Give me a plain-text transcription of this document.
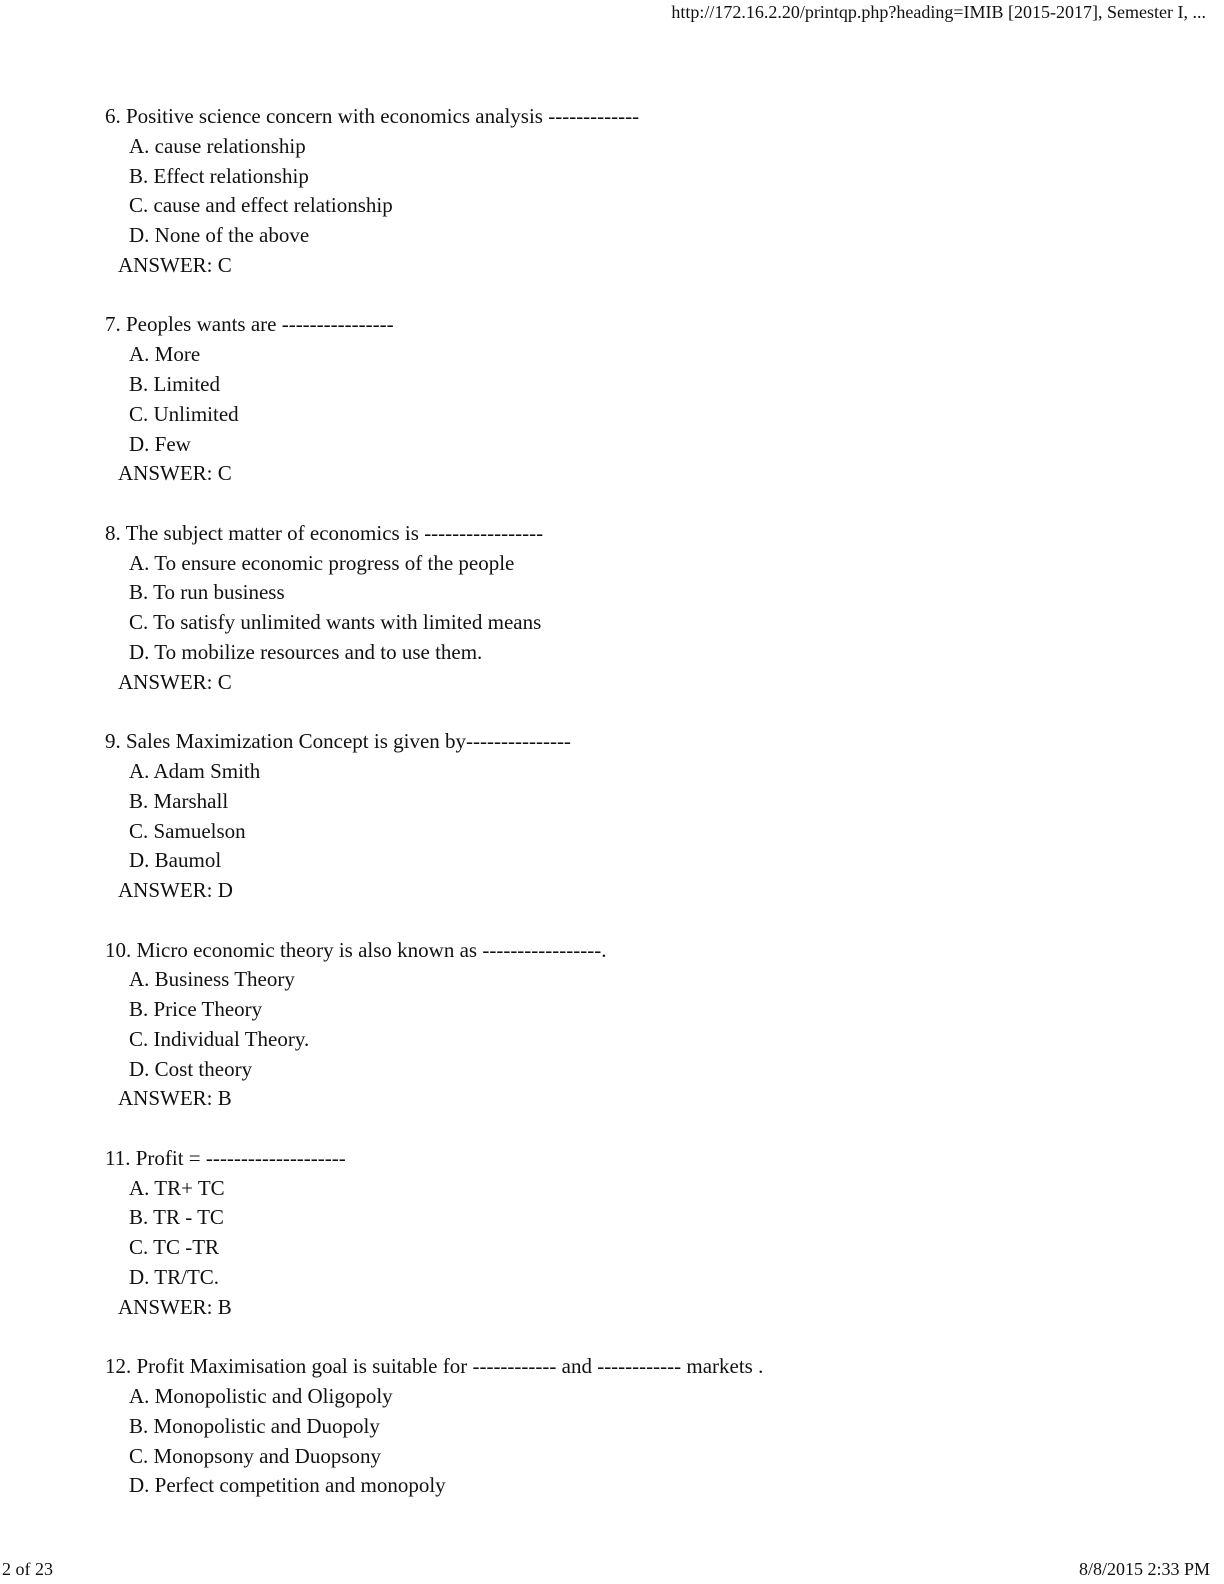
http://172.16.2.20/printqp.php?heading=IMIB [2015-2017], Semester I, ...
6. Positive science concern with economics analysis -------------
A. cause relationship
B. Effect relationship
C. cause and effect relationship
D. None of the above
ANSWER: C
7. Peoples wants are ----------------
A. More
B. Limited
C. Unlimited
D. Few
ANSWER: C
8. The subject matter of economics is -----------------
A. To ensure economic progress of the people
B. To run business
C. To satisfy unlimited wants with limited means
D. To mobilize resources and to use them.
ANSWER: C
9. Sales Maximization Concept is given by---------------
A. Adam Smith
B. Marshall
C. Samuelson
D. Baumol
ANSWER: D
10. Micro economic theory is also known as -----------------.
A. Business Theory
B. Price Theory
C. Individual Theory.
D. Cost theory
ANSWER: B
11. Profit = --------------------
A. TR+ TC
B. TR - TC
C. TC -TR
D. TR/TC.
ANSWER: B
12. Profit Maximisation goal is suitable for ------------ and ------------ markets .
A. Monopolistic and Oligopoly
B. Monopolistic and Duopoly
C. Monopsony and Duopsony
D. Perfect competition and monopoly
2 of 23	8/8/2015 2:33 PM
